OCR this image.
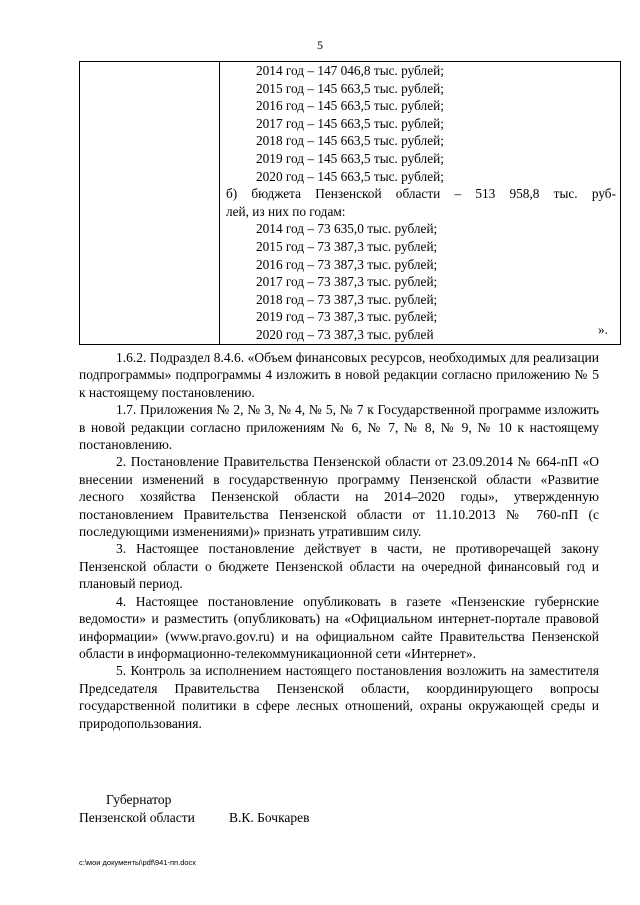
5

2014 год – 147 046,8 тыс. рублей;
2015 год – 145 663,5 тыс. рублей;
2016 год – 145 663,5 тыс. рублей;
2017 год – 145 663,5 тыс. рублей;
2018 год – 145 663,5 тыс. рублей;
2019 год – 145 663,5 тыс. рублей;
2020 год – 145 663,5 тыс. рублей;
б) бюджета Пензенской области – 513 958,8 тыс. руб-
лей, из них по годам:
2014 год – 73 635,0 тыс. рублей;
2015 год – 73 387,3 тыс. рублей;
2016 год – 73 387,3 тыс. рублей;
2017 год – 73 387,3 тыс. рублей;
2018 год – 73 387,3 тыс. рублей;
2019 год – 73 387,3 тыс. рублей;
2020 год – 73 387,3 тыс. рублей	».

1.6.2. Подраздел 8.4.6. «Объем финансовых ресурсов, необходимых для реализации подпрограммы» подпрограммы 4 изложить в новой редакции согласно приложению № 5 к настоящему постановлению.

1.7. Приложения № 2, № 3, № 4, № 5, № 7 к Государственной программе изложить в новой редакции согласно приложениям № 6, № 7, № 8, № 9, № 10 к настоящему постановлению.

2. Постановление Правительства Пензенской области от 23.09.2014 № 664-пП «О внесении изменений в государственную программу Пензенской области «Развитие лесного хозяйства Пензенской области на 2014–2020 годы», утвержденную постановлением Правительства Пензенской области от 11.10.2013 № 760-пП (с последующими изменениями)» признать утратившим силу.

3. Настоящее постановление действует в части, не противоречащей закону Пензенской области о бюджете Пензенской области на очередной финансовый год и плановый период.

4. Настоящее постановление опубликовать в газете «Пензенские губернские ведомости» и разместить (опубликовать) на «Официальном интернет-портале правовой информации» (www.pravo.gov.ru) и на официальном сайте Правительства Пензенской области в информационно-телекоммуникационной сети «Интернет».

5. Контроль за исполнением настоящего постановления возложить на заместителя Председателя Правительства Пензенской области, координирующего вопросы государственной политики в сфере лесных отношений, охраны окружающей среды и природопользования.

Губернатор
Пензенской области	В.К. Бочкарев
c:\мои документы\pdf\941-пп.docx
